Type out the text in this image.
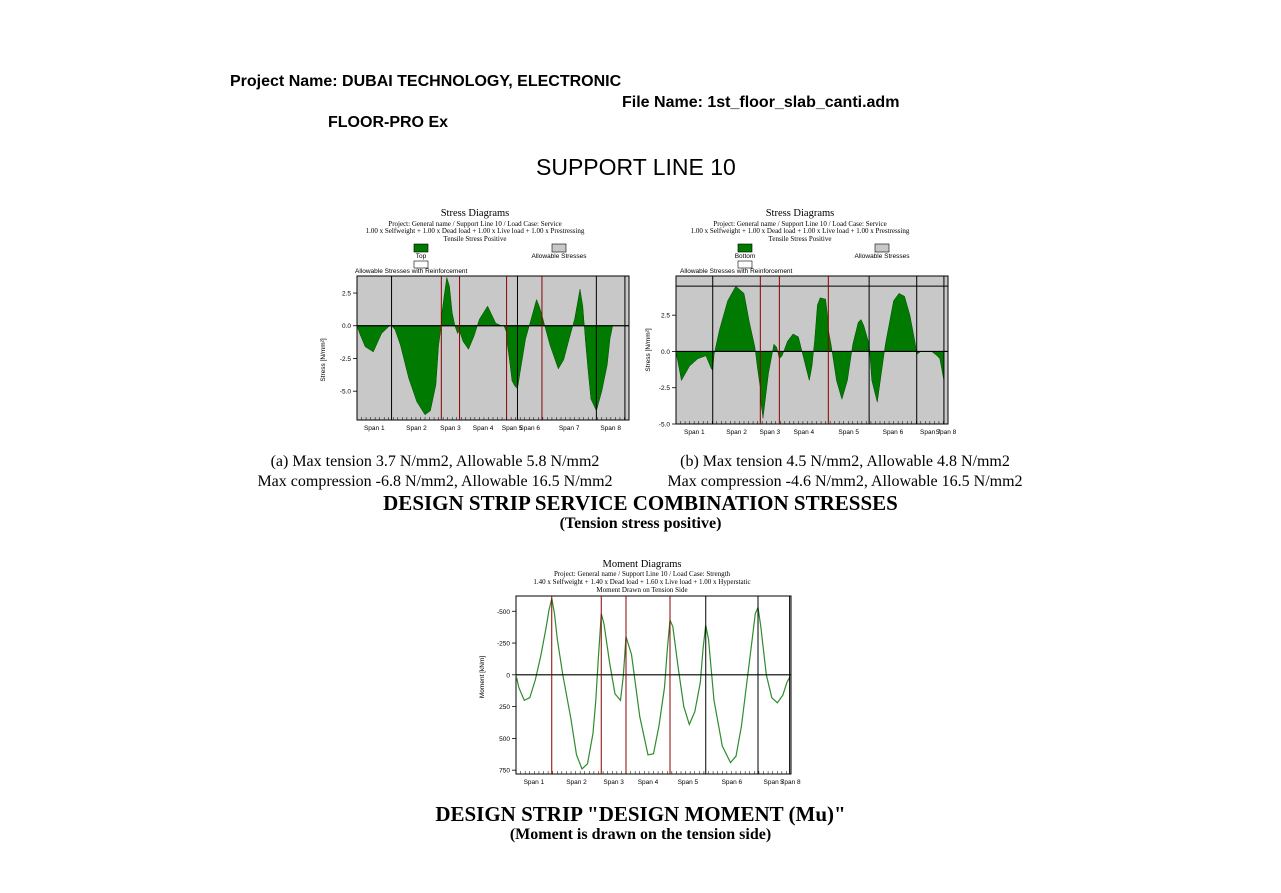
Project Name: DUBAI TECHNOLOGY, ELECTRONIC
File Name: 1st_floor_slab_canti.adm
FLOOR-PRO Ex
SUPPORT LINE 10
Stress Diagrams
Project: General name / Support Line 10 / Load Case: Service
1.00 x Selfweight + 1.00 x Dead load + 1.00 x Live load + 1.00 x Prestressing
Tensile Stress Positive
Top	Allowable Stresses
Allowable Stresses with Reinforcement
Stress [N/mm²]
2.5
0.0
-2.5
-5.0
Span 1	Span 2 Span 3 Span 4 Span 5
Span 6	Span 7	Span 8
Stress Diagrams
Project: General name / Support Line 10 / Load Case: Service
1.00 x Selfweight + 1.00 x Dead load + 1.00 x Live load + 1.00 x Prestressing
Tensile Stress Positive
Bottom	Allowable Stresses
Allowable Stresses with Reinforcement
Stress [N/mm²]
2.5
0.0
-2.5
-5.0
Span 1	Span 2 Span 3 Span 4	Span 5	Span 6	Span 7
Span 8
(a) Max tension 3.7 N/mm2, Allowable 5.8 N/mm2
Max compression -6.8 N/mm2, Allowable 16.5 N/mm2
(b) Max tension 4.5 N/mm2, Allowable 4.8 N/mm2
Max compression -4.6 N/mm2, Allowable 16.5 N/mm2
DESIGN STRIP SERVICE COMBINATION STRESSES
(Tension stress positive)
Moment Diagrams
Project: General name / Support Line 10 / Load Case: Strength
1.40 x Selfweight + 1.40 x Dead load + 1.60 x Live load + 1.00 x Hyperstatic
Moment Drawn on Tension Side
Moment [kNm]
-500
-250
0
250
500
750
Span 1	Span 2	Span 3 Span 4	Span 5	Span 6	Span 7
Span 8
DESIGN STRIP "DESIGN MOMENT (Mu)"
(Moment is drawn on the tension side)
